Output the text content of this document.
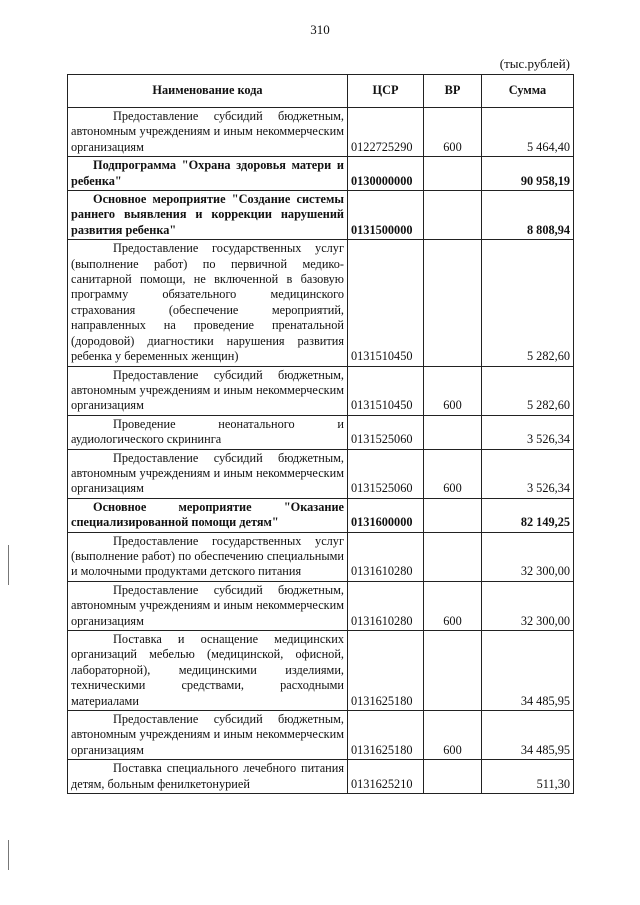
310
(тыс.рублей)
Наименование кода	ЦСР	ВР	Сумма
Предоставление субсидий бюджетным, автономным учреждениям и иным некоммерческим организациям	0122725290	600	5 464,40
Подпрограмма "Охрана здоровья матери и ребенка"	0130000000		90 958,19
Основное мероприятие "Создание системы раннего выявления и коррекции нарушений развития ребенка"	0131500000		8 808,94
Предоставление государственных услуг (выполнение работ) по первичной медико-санитарной помощи, не включенной в базовую программу обязательного медицинского страхования (обеспечение мероприятий, направленных на проведение пренатальной (дородовой) диагностики нарушения развития ребенка у беременных женщин)	0131510450		5 282,60
Предоставление субсидий бюджетным, автономным учреждениям и иным некоммерческим организациям	0131510450	600	5 282,60
Проведение неонатального и аудиологического скрининга	0131525060		3 526,34
Предоставление субсидий бюджетным, автономным учреждениям и иным некоммерческим организациям	0131525060	600	3 526,34
Основное мероприятие "Оказание специализированной помощи детям"	0131600000		82 149,25
Предоставление государственных услуг (выполнение работ) по обеспечению специальными и молочными продуктами детского питания	0131610280		32 300,00
Предоставление субсидий бюджетным, автономным учреждениям и иным некоммерческим организациям	0131610280	600	32 300,00
Поставка и оснащение медицинских организаций мебелью (медицинской, офисной, лабораторной), медицинскими изделиями, техническими средствами, расходными материалами	0131625180		34 485,95
Предоставление субсидий бюджетным, автономным учреждениям и иным некоммерческим организациям	0131625180	600	34 485,95
Поставка специального лечебного питания детям, больным фенилкетонурией	0131625210		511,30
